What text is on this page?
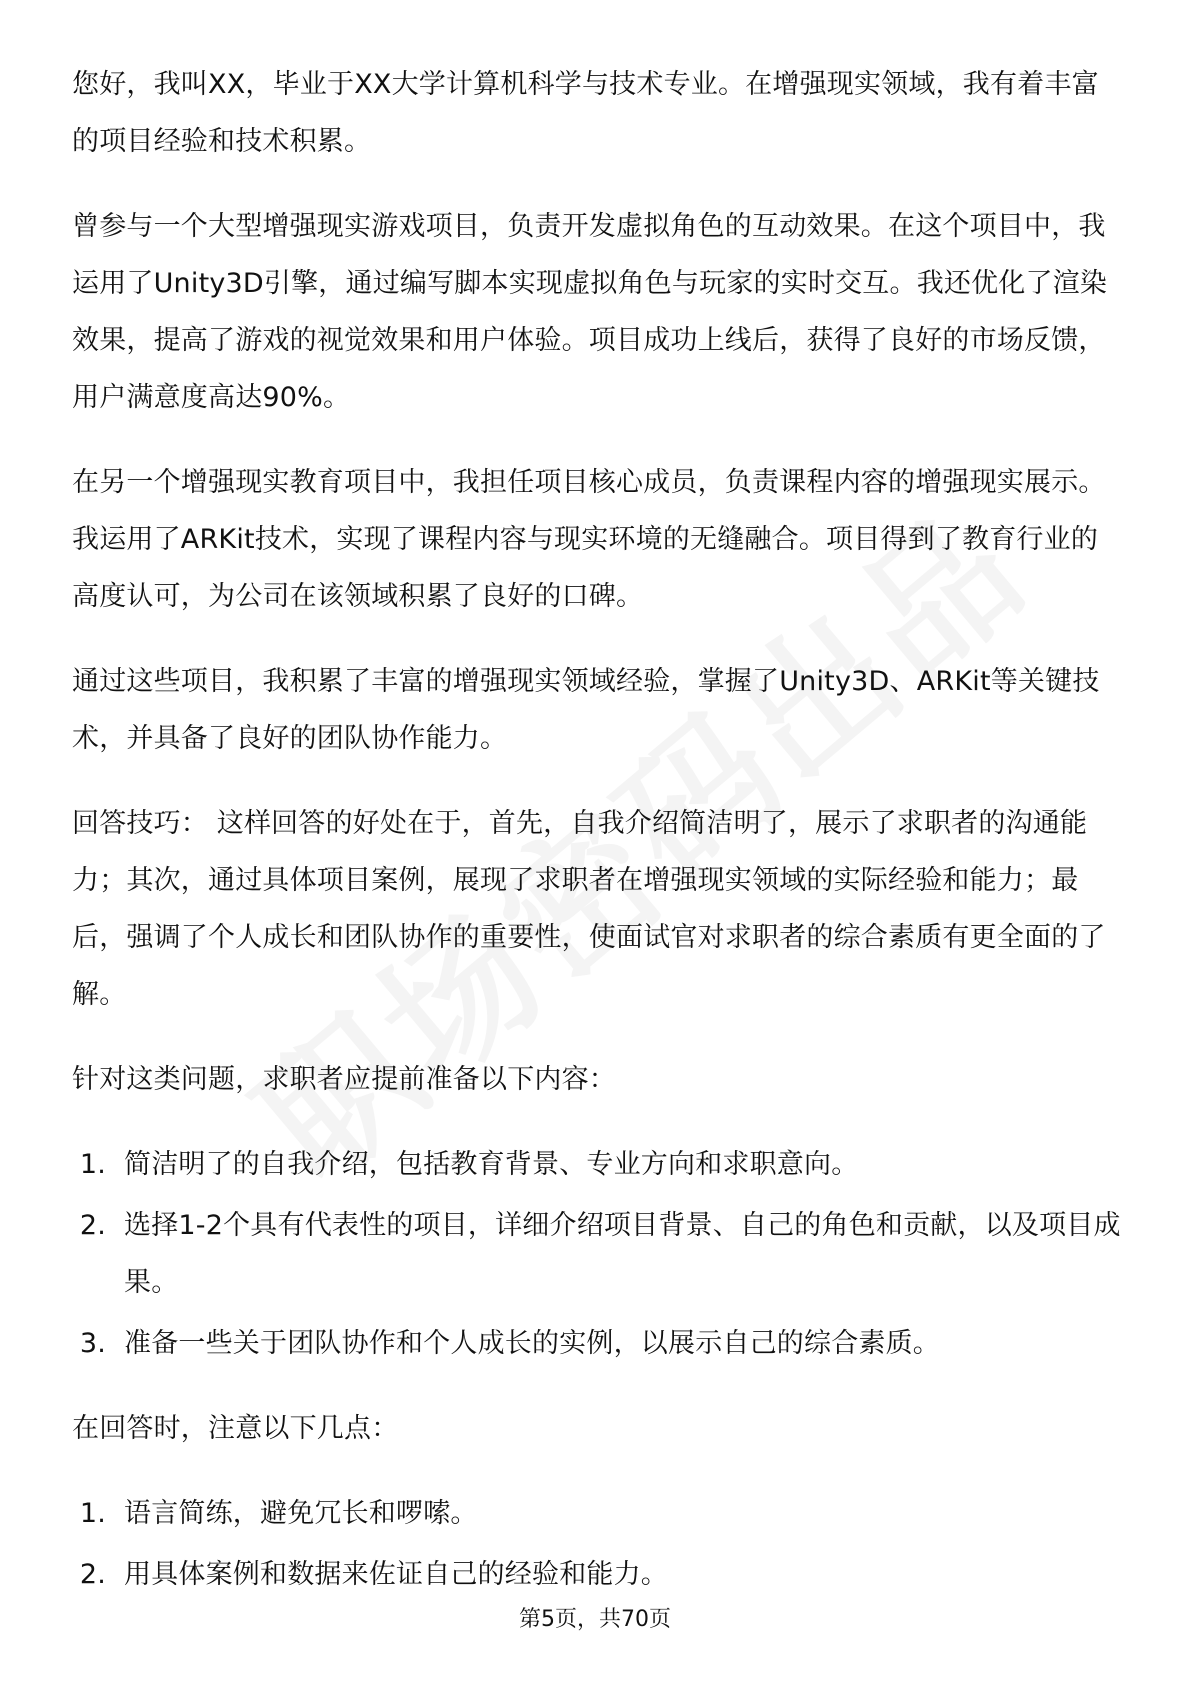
您好，我叫XX，毕业于XX大学计算机科学与技术专业。在增强现实领域，我有着丰富的项目经验和技术积累。

曾参与一个大型增强现实游戏项目，负责开发虚拟角色的互动效果。在这个项目中，我运用了Unity3D引擎，通过编写脚本实现虚拟角色与玩家的实时交互。我还优化了渲染效果，提高了游戏的视觉效果和用户体验。项目成功上线后，获得了良好的市场反馈，用户满意度高达90%。

在另一个增强现实教育项目中，我担任项目核心成员，负责课程内容的增强现实展示。我运用了ARKit技术，实现了课程内容与现实环境的无缝融合。项目得到了教育行业的高度认可，为公司在该领域积累了良好的口碑。

通过这些项目，我积累了丰富的增强现实领域经验，掌握了Unity3D、ARKit等关键技术，并具备了良好的团队协作能力。

回答技巧： 这样回答的好处在于，首先，自我介绍简洁明了，展示了求职者的沟通能力；其次，通过具体项目案例，展现了求职者在增强现实领域的实际经验和能力；最后，强调了个人成长和团队协作的重要性，使面试官对求职者的综合素质有更全面的了解。

针对这类问题，求职者应提前准备以下内容：

1. 简洁明了的自我介绍，包括教育背景、专业方向和求职意向。
2. 选择1-2个具有代表性的项目，详细介绍项目背景、自己的角色和贡献，以及项目成果。
3. 准备一些关于团队协作和个人成长的实例，以展示自己的综合素质。

在回答时，注意以下几点：

1. 语言简练，避免冗长和啰嗦。
2. 用具体案例和数据来佐证自己的经验和能力。
第5页，共70页
